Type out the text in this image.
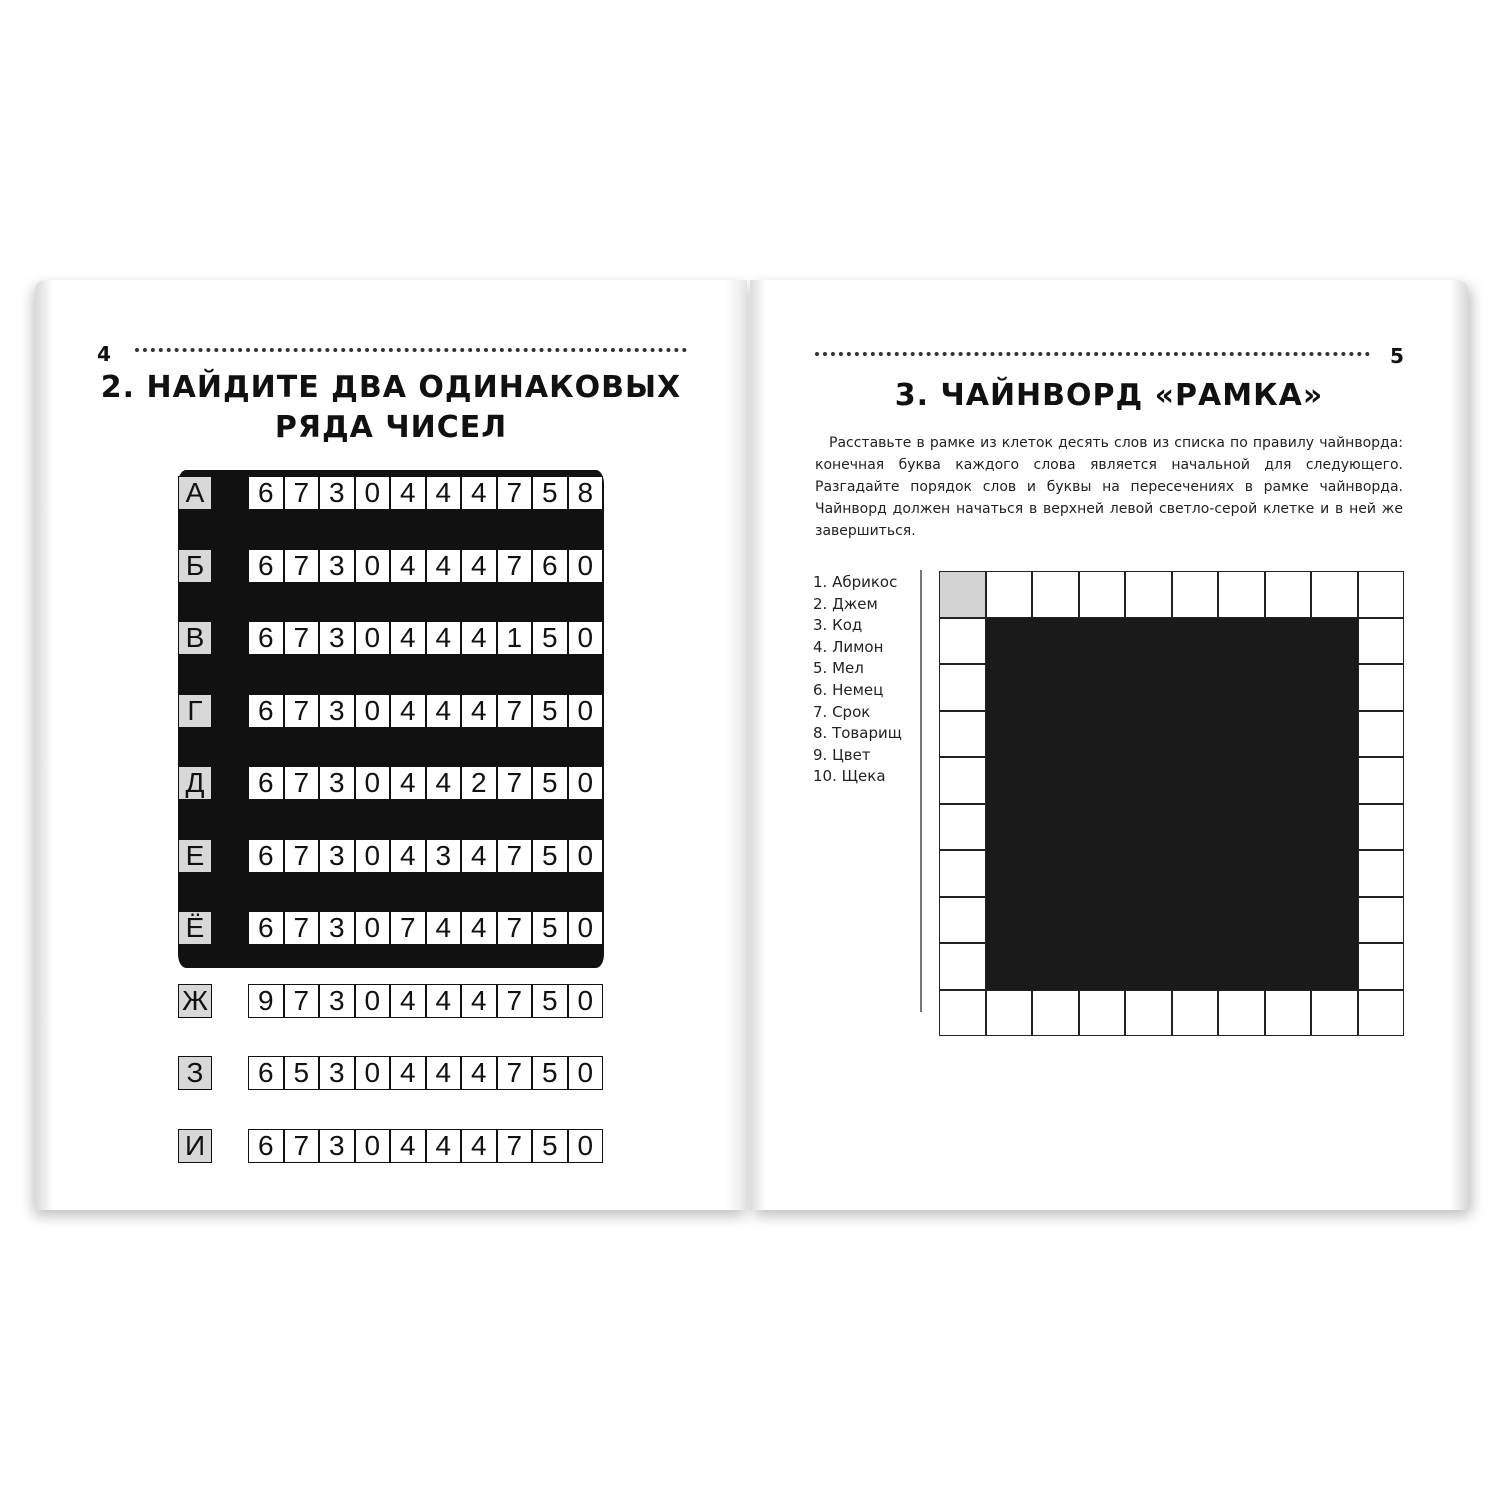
4
2. НАЙДИТЕ ДВА ОДИНАКОВЫХ
РЯДА ЧИСЕЛ
А	6 7 3 0 4 4 4 7 5 8
Б	6 7 3 0 4 4 4 7 6 0
В	6 7 3 0 4 4 4 1 5 0
Г	6 7 3 0 4 4 4 7 5 0
Д	6 7 3 0 4 4 2 7 5 0
Е	6 7 3 0 4 3 4 7 5 0
Ё	6 7 3 0 7 4 4 7 5 0
Ж	9 7 3 0 4 4 4 7 5 0
З	6 5 3 0 4 4 4 7 5 0
И	6 7 3 0 4 4 4 7 5 0
5
3. ЧАЙНВОРД «РАМКА»
Расставьте в рамке из клеток десять слов из списка по правилу чайнворда: конечная буква каждого слова является начальной для следующего. Разгадайте порядок слов и буквы на пересечениях в рамке чайнворда. Чайнворд должен начаться в верхней левой светло-серой клетке и в ней же завершиться.
1. Абрикос
2. Джем
3. Код
4. Лимон
5. Мел
6. Немец
7. Срок
8. Товарищ
9. Цвет
10. Щека
